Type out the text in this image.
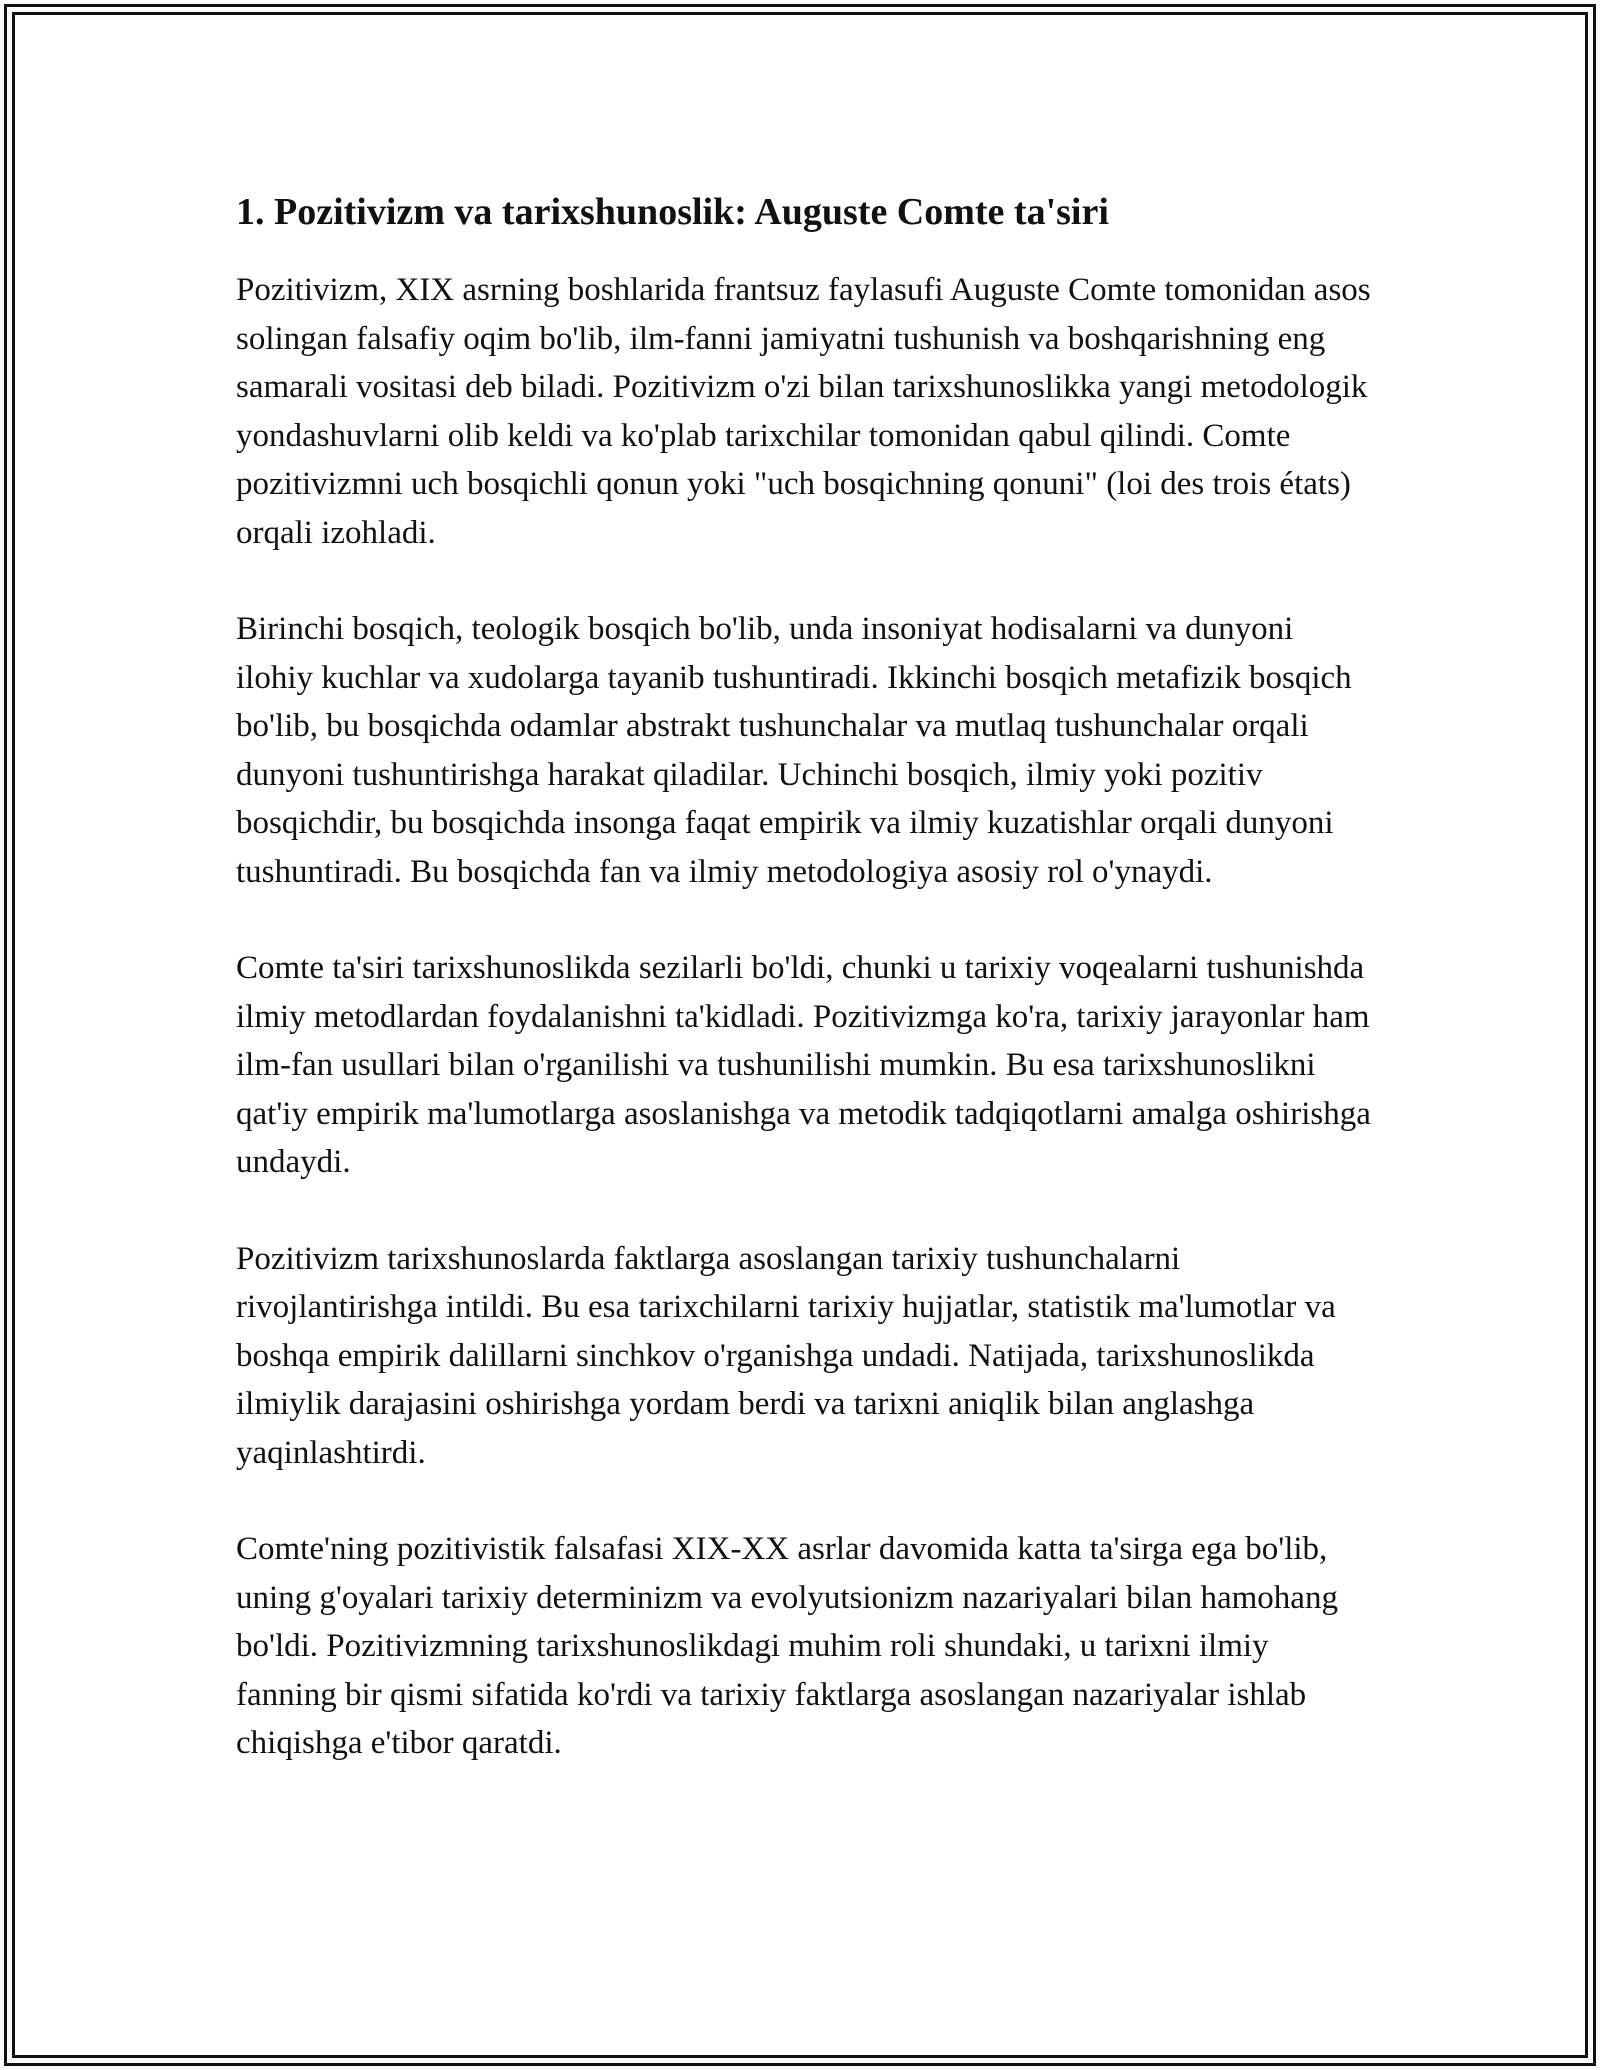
1. Pozitivizm va tarixshunoslik: Auguste Comte ta'siri

Pozitivizm, XIX asrning boshlarida frantsuz faylasufi Auguste Comte tomonidan asos solingan falsafiy oqim bo'lib, ilm-fanni jamiyatni tushunish va boshqarishning eng samarali vositasi deb biladi. Pozitivizm o'zi bilan tarixshunoslikka yangi metodologik yondashuvlarni olib keldi va ko'plab tarixchilar tomonidan qabul qilindi. Comte pozitivizmni uch bosqichli qonun yoki "uch bosqichning qonuni" (loi des trois états) orqali izohladi.

Birinchi bosqich, teologik bosqich bo'lib, unda insoniyat hodisalarni va dunyoni ilohiy kuchlar va xudolarga tayanib tushuntiradi. Ikkinchi bosqich metafizik bosqich bo'lib, bu bosqichda odamlar abstrakt tushunchalar va mutlaq tushunchalar orqali dunyoni tushuntirishga harakat qiladilar. Uchinchi bosqich, ilmiy yoki pozitiv bosqichdir, bu bosqichda insonga faqat empirik va ilmiy kuzatishlar orqali dunyoni tushuntiradi. Bu bosqichda fan va ilmiy metodologiya asosiy rol o'ynaydi.

Comte ta'siri tarixshunoslikda sezilarli bo'ldi, chunki u tarixiy voqealarni tushunishda ilmiy metodlardan foydalanishni ta'kidladi. Pozitivizmga ko'ra, tarixiy jarayonlar ham ilm-fan usullari bilan o'rganilishi va tushunilishi mumkin. Bu esa tarixshunoslikni qat'iy empirik ma'lumotlarga asoslanishga va metodik tadqiqotlarni amalga oshirishga undaydi.

Pozitivizm tarixshunoslarda faktlarga asoslangan tarixiy tushunchalarni rivojlantirishga intildi. Bu esa tarixchilarni tarixiy hujjatlar, statistik ma'lumotlar va boshqa empirik dalillarni sinchkov o'rganishga undadi. Natijada, tarixshunoslikda ilmiylik darajasini oshirishga yordam berdi va tarixni aniqlik bilan anglashga yaqinlashtirdi.

Comte'ning pozitivistik falsafasi XIX-XX asrlar davomida katta ta'sirga ega bo'lib, uning g'oyalari tarixiy determinizm va evolyutsionizm nazariyalari bilan hamohang bo'ldi. Pozitivizmning tarixshunoslikdagi muhim roli shundaki, u tarixni ilmiy fanning bir qismi sifatida ko'rdi va tarixiy faktlarga asoslangan nazariyalar ishlab chiqishga e'tibor qaratdi.
